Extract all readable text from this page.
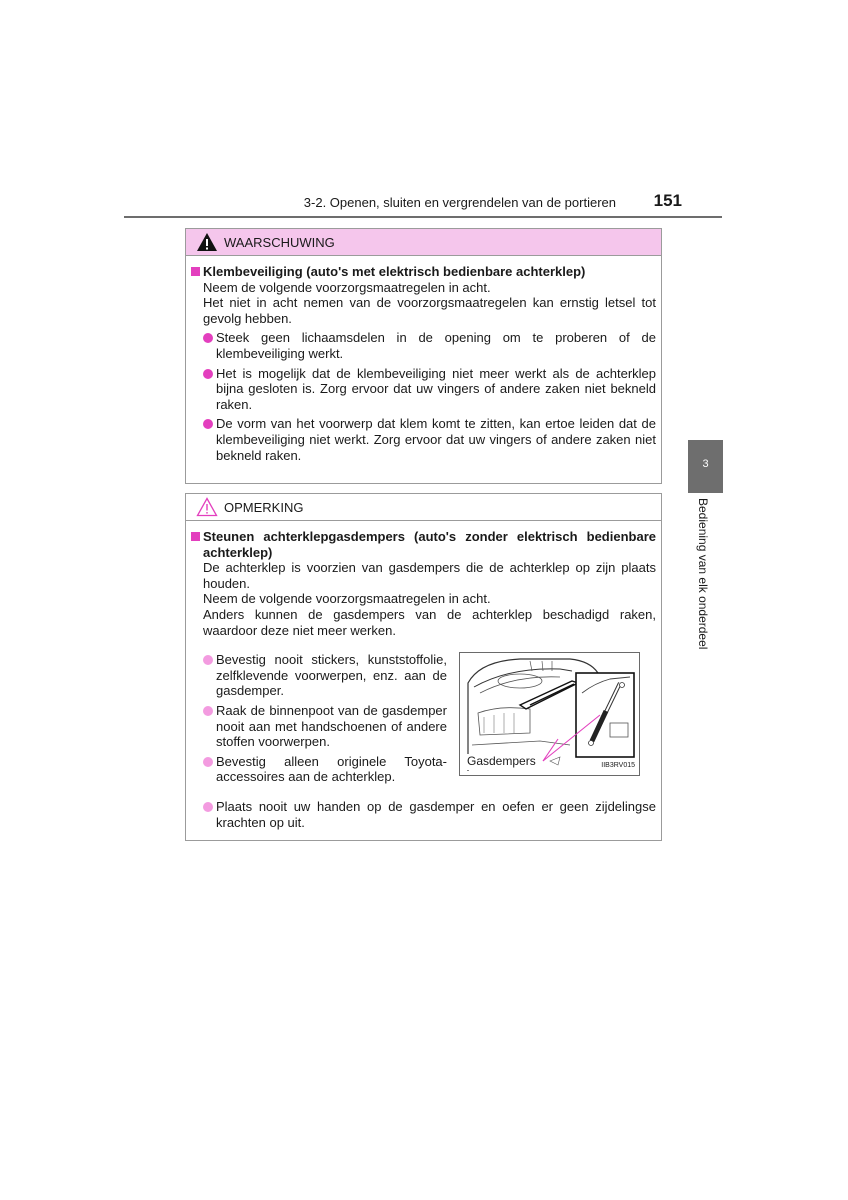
3-2. Openen, sluiten en vergrendelen van de portieren 151
3
Bediening van elk onderdeel
WAARSCHUWING
Klembeveiliging (auto's met elektrisch bedienbare achterklep)
Neem de volgende voorzorgsmaatregelen in acht.
Het niet in acht nemen van de voorzorgsmaatregelen kan ernstig letsel tot gevolg hebben.
Steek geen lichaamsdelen in de opening om te proberen of de klembeveiliging werkt.
Het is mogelijk dat de klembeveiliging niet meer werkt als de achterklep bijna gesloten is. Zorg ervoor dat uw vingers of andere zaken niet bekneld raken.
De vorm van het voorwerp dat klem komt te zitten, kan ertoe leiden dat de klembeveiliging niet werkt. Zorg ervoor dat uw vingers of andere zaken niet bekneld raken.
OPMERKING
Steunen achterklepgasdempers (auto's zonder elektrisch bedienbare achterklep)
De achterklep is voorzien van gasdempers die de achterklep op zijn plaats houden.
Neem de volgende voorzorgsmaatregelen in acht.
Anders kunnen de gasdempers van de achterklep beschadigd raken, waardoor deze niet meer werken.
Bevestig nooit stickers, kunststoffolie, zelfklevende voorwerpen, enz. aan de gasdemper.
Raak de binnenpoot van de gasdemper nooit aan met handschoenen of andere stoffen voorwerpen.
Bevestig alleen originele Toyota-accessoires aan de achterklep.
Gasdempers	IIB3RV015
Plaats nooit uw handen op de gasdemper en oefen er geen zijdelingse krachten op uit.
